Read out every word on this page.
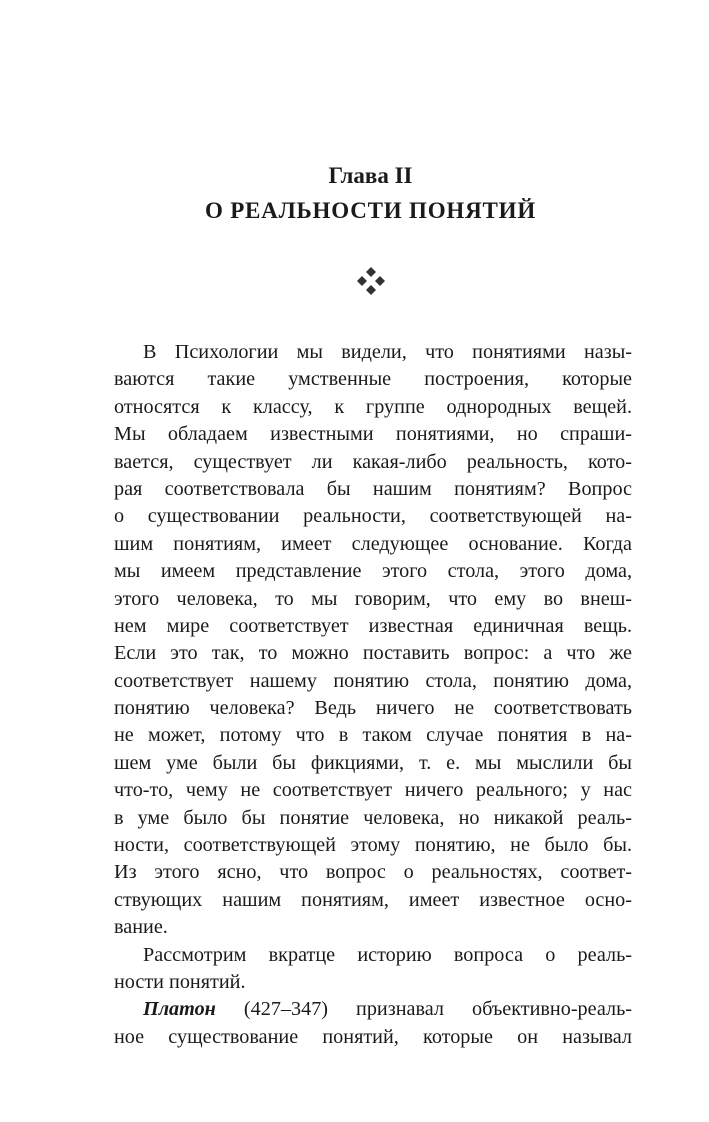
Глава II
О РЕАЛЬНОСТИ ПОНЯТИЙ
В Психологии мы видели, что понятиями назы-
ваются такие умственные построения, которые
относятся к классу, к группе однородных вещей.
Мы обладаем известными понятиями, но спраши-
вается, существует ли какая-либо реальность, кото-
рая соответствовала бы нашим понятиям? Вопрос
о существовании реальности, соответствующей на-
шим понятиям, имеет следующее основание. Когда
мы имеем представление этого стола, этого дома,
этого человека, то мы говорим, что ему во внеш-
нем мире соответствует известная единичная вещь.
Если это так, то можно поставить вопрос: а что же
соответствует нашему понятию стола, понятию дома,
понятию человека? Ведь ничего не соответствовать
не может, потому что в таком случае понятия в на-
шем уме были бы фикциями, т. е. мы мыслили бы
что-то, чему не соответствует ничего реального; у нас
в уме было бы понятие человека, но никакой реаль-
ности, соответствующей этому понятию, не было бы.
Из этого ясно, что вопрос о реальностях, соответ-
ствующих нашим понятиям, имеет известное осно-
вание.
Рассмотрим вкратце историю вопроса о реаль-
ности понятий.
Платон (427–347) признавал объективно-реаль-
ное существование понятий, которые он называл
